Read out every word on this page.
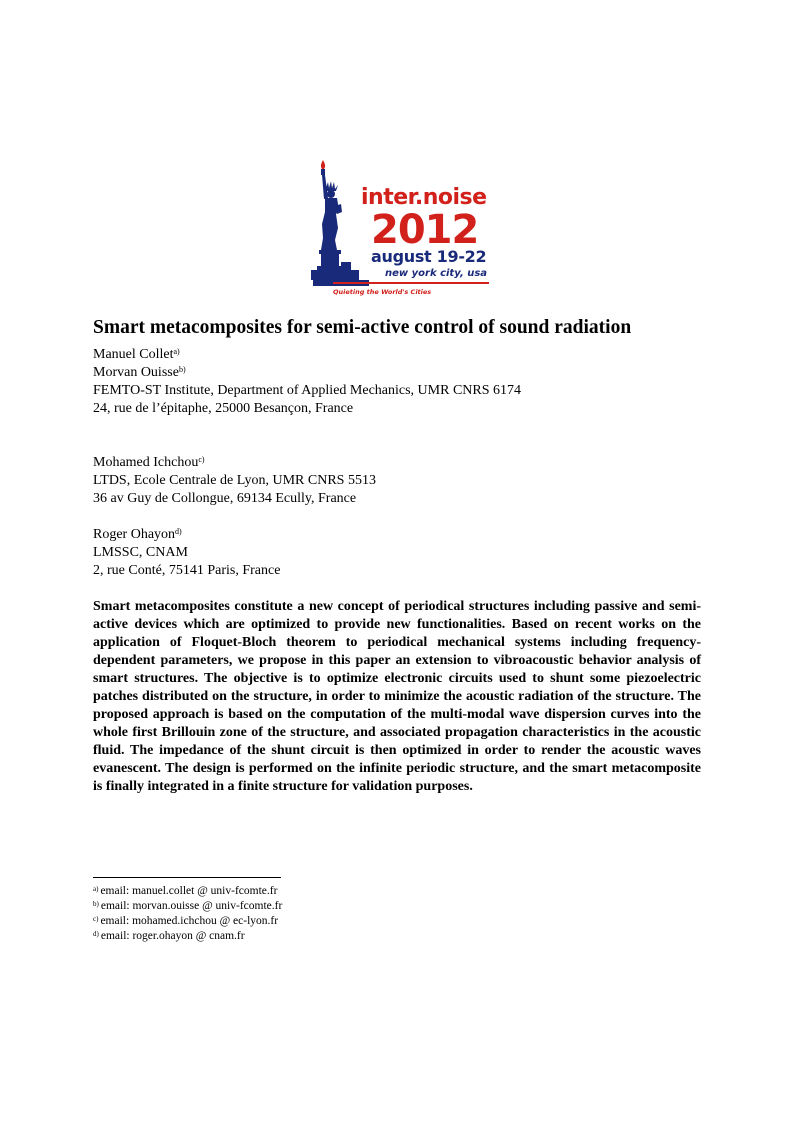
inter.noise
2012
august 19-22
new york city, usa
Quieting the World's Cities
Smart metacomposites for semi-active control of sound radiation
Manuel Collet$^{a)}$
Morvan Ouisse$^{b)}$
FEMTO-ST Institute, Department of Applied Mechanics, UMR CNRS 6174
24, rue de l’épitaphe, 25000 Besançon, France
Mohamed Ichchou$^{c)}$
LTDS, Ecole Centrale de Lyon, UMR CNRS 5513
36 av Guy de Collongue, 69134 Ecully, France
Roger Ohayon$^{d)}$
LMSSC, CNAM
2, rue Conté, 75141 Paris, France

Smart metacomposites constitute a new concept of periodical structures including passive and semi-active devices which are optimized to provide new functionalities. Based on recent works on the application of Floquet-Bloch theorem to periodical mechanical systems including frequency-dependent parameters, we propose in this paper an extension to vibroacoustic behavior analysis of smart structures. The objective is to optimize electronic circuits used to shunt some piezoelectric patches distributed on the structure, in order to minimize the acoustic radiation of the structure. The proposed approach is based on the computation of the multi-modal wave dispersion curves into the whole first Brillouin zone of the structure, and associated propagation characteristics in the acoustic fluid. The impedance of the shunt circuit is then optimized in order to render the acoustic waves evanescent. The design is performed on the infinite periodic structure, and the smart metacomposite is finally integrated in a finite structure for validation purposes.

$^{a)}$ email: manuel.collet @ univ-fcomte.fr
$^{b)}$ email: morvan.ouisse @ univ-fcomte.fr
$^{c)}$ email: mohamed.ichchou @ ec-lyon.fr
$^{d)}$ email: roger.ohayon @ cnam.fr
